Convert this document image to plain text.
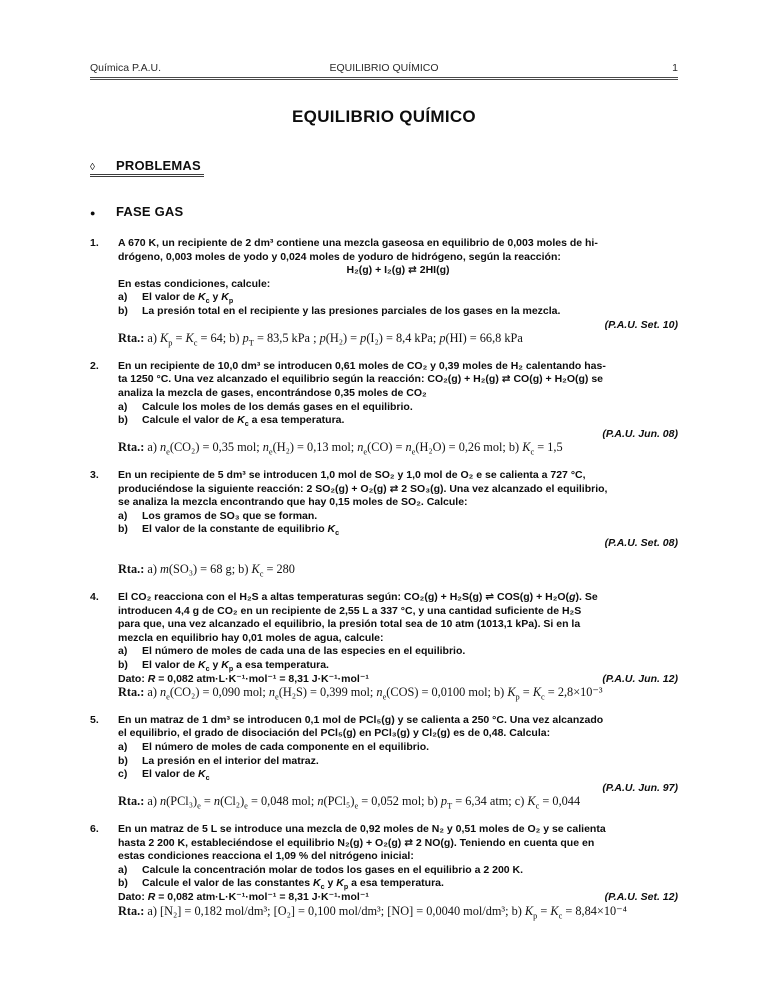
Química P.A.U.	EQUILIBRIO QUÍMICO	1
EQUILIBRIO QUÍMICO
◊	PROBLEMAS
●	FASE GAS
1.	A 670 K, un recipiente de 2 dm³ contiene una mezcla gaseosa en equilibrio de 0,003 moles de hi-
drógeno, 0,003 moles de yodo y 0,024 moles de yoduro de hidrógeno, según la reacción:
H₂(g) + I₂(g) ⇄ 2HI(g)
En estas condiciones, calcule:
a)	El valor de $K_c$ y $K_p$
b)	La presión total en el recipiente y las presiones parciales de los gases en la mezcla.
(P.A.U. Set. 10)
Rta.: a) $K_p = K_c = 64$; b) $p_T = 83,5$ kPa ; p(H₂) = p(I₂) = 8,4 kPa; p(HI) = 66,8 kPa
2.	En un recipiente de 10,0 dm³ se introducen 0,61 moles de CO₂ y 0,39 moles de H₂ calentando has-
ta 1250 °C. Una vez alcanzado el equilibrio según la reacción: CO₂(g) + H₂(g) ⇄ CO(g) + H₂O(g) se
analiza la mezcla de gases, encontrándose 0,35 moles de CO₂
a)	Calcule los moles de los demás gases en el equilibrio.
b)	Calcule el valor de $K_c$ a esa temperatura.
(P.A.U. Jun. 08)
Rta.: a) $n_e(CO_2) = 0,35$ mol; $n_e(H_2) = 0,13$ mol; $n_e(CO) = n_e(H_2O) = 0,26$ mol; b) $K_c = 1,5$
3.	En un recipiente de 5 dm³ se introducen 1,0 mol de SO₂ y 1,0 mol de O₂ e se calienta a 727 °C,
produciéndose la siguiente reacción: 2 SO₂(g) + O₂(g) ⇄ 2 SO₃(g). Una vez alcanzado el equilibrio,
se analiza la mezcla encontrando que hay 0,15 moles de SO₂. Calcule:
a)	Los gramos de SO₃ que se forman.
b)	El valor de la constante de equilibrio $K_c$
(P.A.U. Set. 08)
Rta.: a) m(SO₃) = 68 g; b) $K_c = 280$
4.	El CO₂ reacciona con el H₂S a altas temperaturas según: CO₂(g) + H₂S(g) ⇌ COS(g) + H₂O(g). Se
introducen 4,4 g de CO₂ en un recipiente de 2,55 L a 337 °C, y una cantidad suficiente de H₂S
para que, una vez alcanzado el equilibrio, la presión total sea de 10 atm (1013,1 kPa). Si en la
mezcla en equilibrio hay 0,01 moles de agua, calcule:
a)	El número de moles de cada una de las especies en el equilibrio.
b)	El valor de $K_c$ y $K_p$ a esa temperatura.
Dato: R = 0,082 atm·L·K⁻¹·mol⁻¹ = 8,31 J·K⁻¹·mol⁻¹	(P.A.U. Jun. 12)
Rta.: a) $n_e(CO_2) = 0,090$ mol; $n_e(H_2S) = 0,399$ mol; $n_e(COS) = 0,0100$ mol; b) $K_p = K_c = 2,8\times 10^{-3}$
5.	En un matraz de 1 dm³ se introducen 0,1 mol de PCl₅(g) y se calienta a 250 °C. Una vez alcanzado
el equilibrio, el grado de disociación del PCl₅(g) en PCl₃(g) y Cl₂(g) es de 0,48. Calcula:
a)	El número de moles de cada componente en el equilibrio.
b)	La presión en el interior del matraz.
c)	El valor de $K_c$
(P.A.U. Jun. 97)
Rta.: a) $n(PCl_3)_e = n(Cl_2)_e = 0,048$ mol; $n(PCl_5)_e = 0,052$ mol; b) $p_T = 6,34$ atm; c) $K_c = 0,044$
6.	En un matraz de 5 L se introduce una mezcla de 0,92 moles de N₂ y 0,51 moles de O₂ y se calienta
hasta 2 200 K, estableciéndose el equilibrio N₂(g) + O₂(g) ⇄ 2 NO(g). Teniendo en cuenta que en
estas condiciones reacciona el 1,09 % del nitrógeno inicial:
a)	Calcule la concentración molar de todos los gases en el equilibrio a 2 200 K.
b)	Calcule el valor de las constantes $K_c$ y $K_p$ a esa temperatura.
Dato: R = 0,082 atm·L·K⁻¹·mol⁻¹ = 8,31 J·K⁻¹·mol⁻¹	(P.A.U. Set. 12)
Rta.: a) [N₂] = 0,182 mol/dm³; [O₂] = 0,100 mol/dm³; [NO] = 0,0040 mol/dm³; b) $K_p = K_c = 8,84\times 10^{-4}$
